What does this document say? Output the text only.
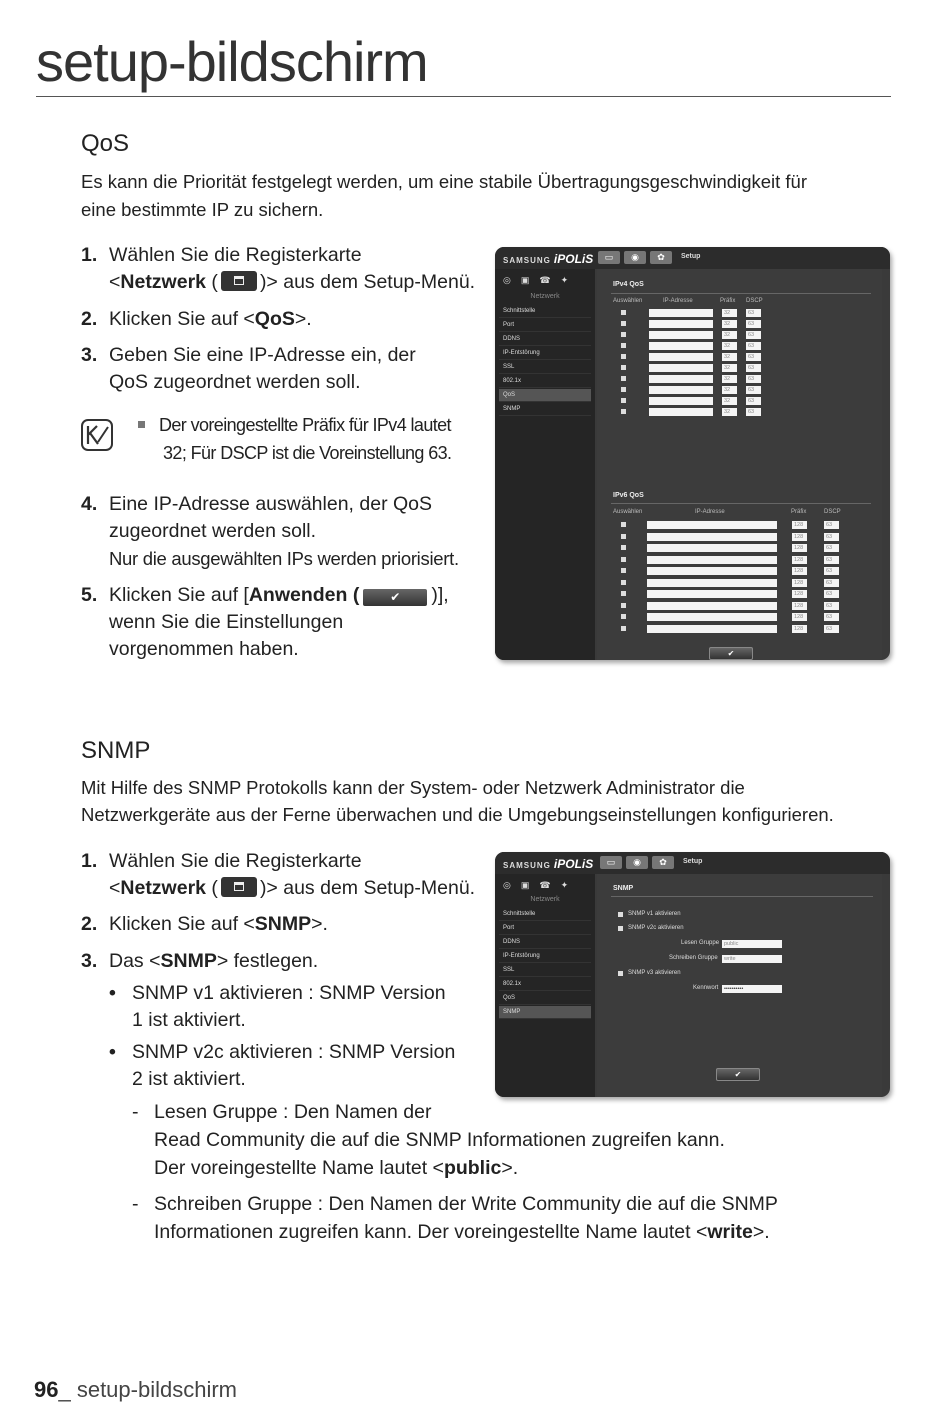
setup-bildschirm
QoS
Es kann die Priorität festgelegt werden, um eine stabile Übertragungsgeschwindigkeit für
eine bestimmte IP zu sichern.
1. Wählen Sie die Registerkarte
<Netzwerk ( )> aus dem Setup-Menü.
2. Klicken Sie auf <QoS>.
3. Geben Sie eine IP-Adresse ein, der
QoS zugeordnet werden soll.
Der voreingestellte Präfix für IPv4 lautet
32; Für DSCP ist die Voreinstellung 63.
4. Eine IP-Adresse auswählen, der QoS
zugeordnet werden soll.
Nur die ausgewählten IPs werden priorisiert.
5. Klicken Sie auf [Anwenden (	✔ )],
wenn Sie die Einstellungen
vorgenommen haben.
SAMSUNG iPOLiS	▭	◉	✿	Setup
◎▣☎✦
Netzwerk
Schnittstelle
Port
DDNS
IP-Entstörung
SSL
802.1x
QoS
SNMP
IPv4 QoS
Auswählen	IP-Adresse	Präfix DSCP
32	63
32	63
32	63
32	63
32	63
32	63
32	63
32	63
32	63
32	63
IPv6 QoS
Auswählen	IP-Adresse	Präfix	DSCP
128	63
128	63
128	63
128	63
128	63
128	63
128	63
128	63
128	63
128	63
✔
SNMP
Mit Hilfe des SNMP Protokolls kann der System- oder Netzwerk Administrator die
Netzwerkgeräte aus der Ferne überwachen und die Umgebungseinstellungen konfigurieren.
1. Wählen Sie die Registerkarte
<Netzwerk ( )> aus dem Setup-Menü.
2. Klicken Sie auf <SNMP>.
3. Das <SNMP> festlegen.
• SNMP v1 aktivieren : SNMP Version
1 ist aktiviert.
• SNMP v2c aktivieren : SNMP Version
2 ist aktiviert.
- Lesen Gruppe : Den Namen der
Read Community die auf die SNMP Informationen zugreifen kann.
Der voreingestellte Name lautet <public>.
- Schreiben Gruppe : Den Namen der Write Community die auf die SNMP
Informationen zugreifen kann. Der voreingestellte Name lautet <write>.
SAMSUNG iPOLiS	▭	◉	✿	Setup
◎▣☎✦
Netzwerk
Schnittstelle
Port
DDNS
IP-Entstörung
SSL
802.1x
QoS
SNMP
SNMP
SNMP v1 aktivieren
SNMP v2c aktivieren
Lesen Gruppe public
Schreiben Gruppe	write
SNMP v3 aktivieren
Kennwort	••••••••••
✔
96_ setup-bildschirm
